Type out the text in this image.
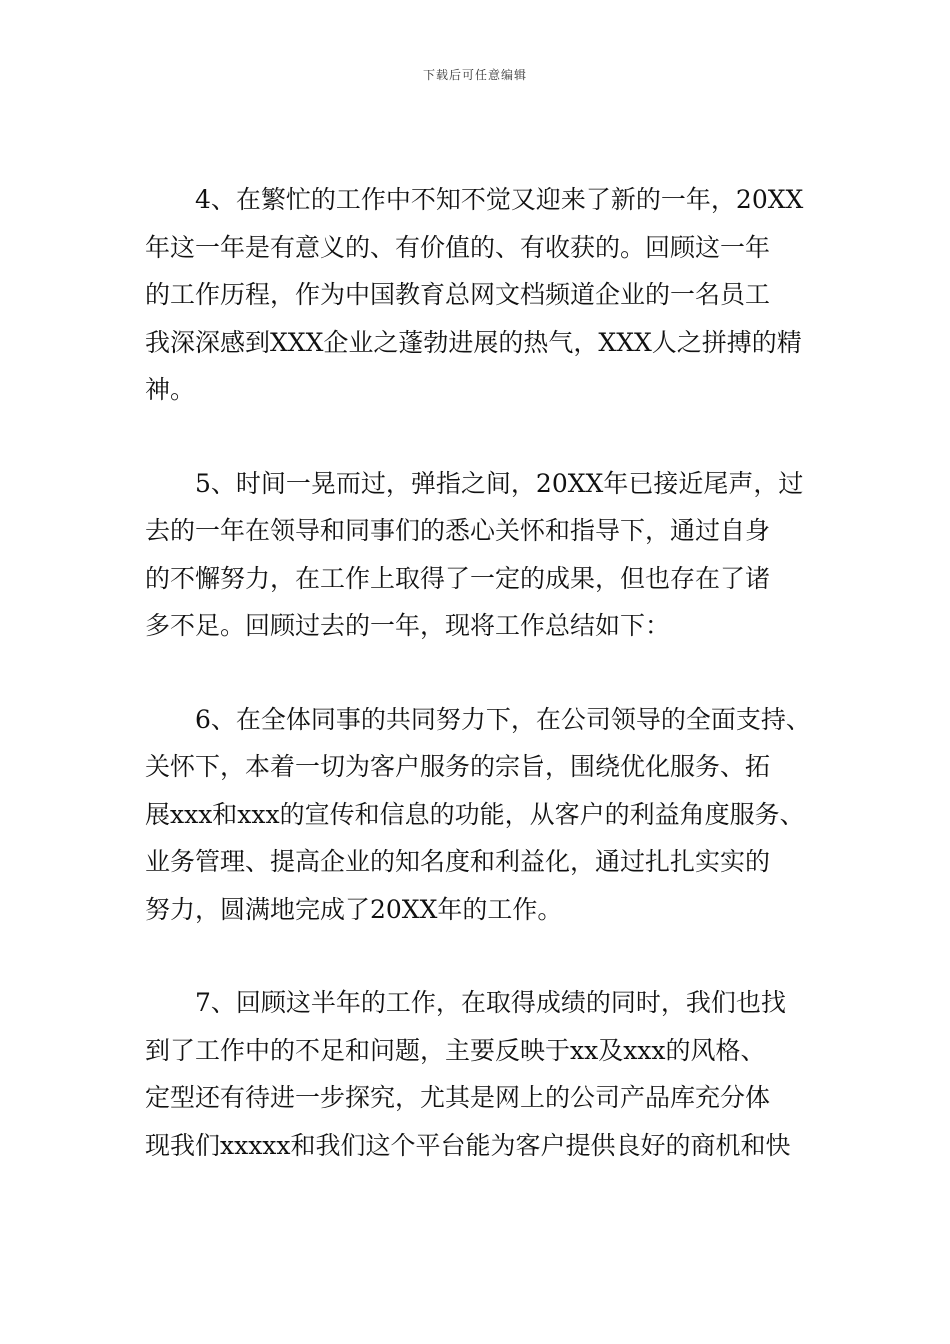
下载后可任意编辑
4、在繁忙的工作中不知不觉又迎来了新的一年，20XX
年这一年是有意义的、有价值的、有收获的。回顾这一年
的工作历程，作为中国教育总网文档频道企业的一名员工
我深深感到XXX企业之蓬勃进展的热气，XXX人之拼搏的精
神。
5、时间一晃而过，弹指之间，20XX年已接近尾声，过
去的一年在领导和同事们的悉心关怀和指导下，通过自身
的不懈努力，在工作上取得了一定的成果，但也存在了诸
多不足。回顾过去的一年，现将工作总结如下：
6、在全体同事的共同努力下，在公司领导的全面支持、
关怀下，本着一切为客户服务的宗旨，围绕优化服务、拓
展xxx和xxx的宣传和信息的功能，从客户的利益角度服务、
业务管理、提高企业的知名度和利益化，通过扎扎实实的
努力，圆满地完成了20XX年的工作。
7、回顾这半年的工作，在取得成绩的同时，我们也找
到了工作中的不足和问题，主要反映于xx及xxx的风格、
定型还有待进一步探究，尤其是网上的公司产品库充分体
现我们xxxxx和我们这个平台能为客户提供良好的商机和快
